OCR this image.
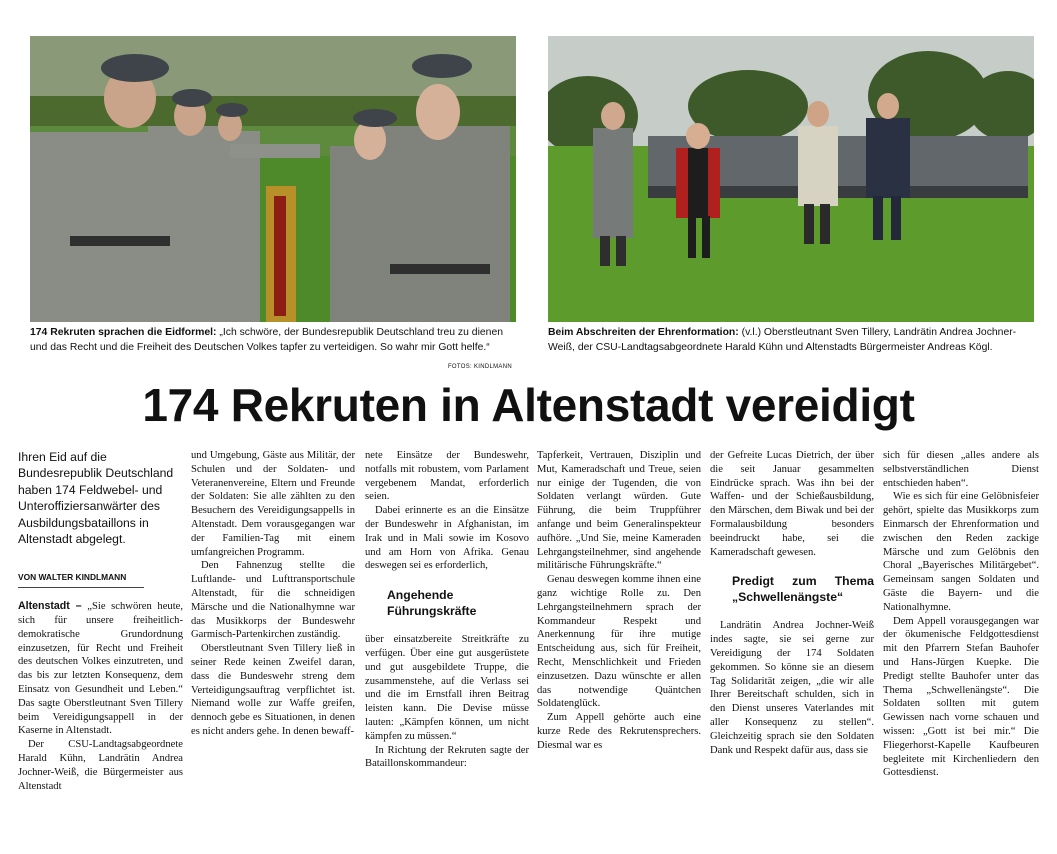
174 Rekruten sprachen die Eidformel: „Ich schwöre, der Bundesrepublik Deutschland treu zu dienen und das Recht und die Freiheit des Deutschen Volkes tapfer zu verteidigen. So wahr mir Gott helfe.“
FOTOS: KINDLMANN
Beim Abschreiten der Ehrenformation: (v.l.) Oberstleutnant Sven Tillery, Landrätin Andrea Jochner-Weiß, der CSU-Landtagsabgeordnete Harald Kühn und Altenstadts Bürgermeister Andreas Kögl.
174 Rekruten in Altenstadt vereidigt

Ihren Eid auf die Bundesrepublik Deutschland haben 174 Feldwebel- und Unteroffiziersanwärter des Ausbildungsbataillons in Altenstadt abgelegt.

VON WALTER KINDLMANN

Altenstadt – „Sie schwören heute, sich für unsere freiheitlich-demokratische Grundordnung einzusetzen, für Recht und Freiheit des deutschen Volkes einzutreten, und das bis zur letzten Konsequenz, dem Einsatz von Gesundheit und Leben.“ Das sagte Oberstleutnant Sven Tillery beim Vereidigungsappell in der Kaserne in Altenstadt.

Der CSU-Landtagsabgeordnete Harald Kühn, Landrätin Andrea Jochner-Weiß, die Bürgermeister aus Altenstadt

und Umgebung, Gäste aus Militär, der Schulen und der Soldaten- und Veteranenvereine, Eltern und Freunde der Soldaten: Sie alle zählten zu den Besuchern des Vereidigungsappells in Altenstadt. Dem vorausgegangen war der Familien-Tag mit einem umfangreichen Programm.

Den Fahnenzug stellte die Luftlande- und Lufttransportschule Altenstadt, für die schneidigen Märsche und die Nationalhymne war das Musikkorps der Bundeswehr Garmisch-Partenkirchen zuständig.

Oberstleutnant Sven Tillery ließ in seiner Rede keinen Zweifel daran, dass die Bundeswehr streng dem Verteidigungsauftrag verpflichtet ist. Niemand wolle zur Waffe greifen, dennoch gebe es Situationen, in denen es nicht anders gehe. In denen bewaff-

nete Einsätze der Bundeswehr, notfalls mit robustem, vom Parlament vergebenem Mandat, erforderlich seien.

Dabei erinnerte es an die Einsätze der Bundeswehr in Afghanistan, im Irak und in Mali sowie im Kosovo und am Horn von Afrika. Genau deswegen sei es erforderlich,

Angehende Führungskräfte

über einsatzbereite Streitkräfte zu verfügen. Über eine gut ausgerüstete und gut ausgebildete Truppe, die zusammenstehe, auf die Verlass sei und die im Ernstfall ihren Beitrag leisten kann. Die Devise müsse lauten: „Kämpfen können, um nicht kämpfen zu müssen.“

In Richtung der Rekruten sagte der Bataillonskommandeur:

Tapferkeit, Vertrauen, Disziplin und Mut, Kameradschaft und Treue, seien nur einige der Tugenden, die von Soldaten verlangt würden. Gute Führung, die beim Truppführer anfange und beim Generalinspekteur aufhöre. „Und Sie, meine Kameraden Lehrgangsteilnehmer, sind angehende militärische Führungskräfte.“

Genau deswegen komme ihnen eine ganz wichtige Rolle zu. Den Lehrgangsteilnehmern sprach der Kommandeur Respekt und Anerkennung für ihre mutige Entscheidung aus, sich für Freiheit, Recht, Menschlichkeit und Frieden einzusetzen. Dazu wünschte er allen das notwendige Quäntchen Soldatenglück.

Zum Appell gehörte auch eine kurze Rede des Rekrutensprechers. Diesmal war es

der Gefreite Lucas Dietrich, der über die seit Januar gesammelten Eindrücke sprach. Was ihn bei der Waffen- und der Schießausbildung, den Märschen, dem Biwak und bei der Formalausbildung besonders beeindruckt habe, sei die Kameradschaft gewesen.

Predigt zum Thema „Schwellenängste“

Landrätin Andrea Jochner-Weiß indes sagte, sie sei gerne zur Vereidigung der 174 Soldaten gekommen. So könne sie an diesem Tag Solidarität zeigen, „die wir alle Ihrer Bereitschaft schulden, sich in den Dienst unseres Vaterlandes mit aller Konsequenz zu stellen“. Gleichzeitig sprach sie den Soldaten Dank und Respekt dafür aus, dass sie

sich für diesen „alles andere als selbstverständlichen Dienst entschieden haben“.

Wie es sich für eine Gelöbnisfeier gehört, spielte das Musikkorps zum Einmarsch der Ehrenformation und zwischen den Reden zackige Märsche und zum Gelöbnis den Choral „Bayerisches Militärgebet“. Gemeinsam sangen Soldaten und Gäste die Bayern- und die Nationalhymne.

Dem Appell vorausgegangen war der ökumenische Feldgottesdienst mit den Pfarrern Stefan Bauhofer und Hans-Jürgen Kuepke. Die Predigt stellte Bauhofer unter das Thema „Schwellenängste“. Die Soldaten sollten mit gutem Gewissen nach vorne schauen und wissen: „Gott ist bei mir.“ Die Fliegerhorst-Kapelle Kaufbeuren begleitete mit Kirchenliedern den Gottesdienst.
